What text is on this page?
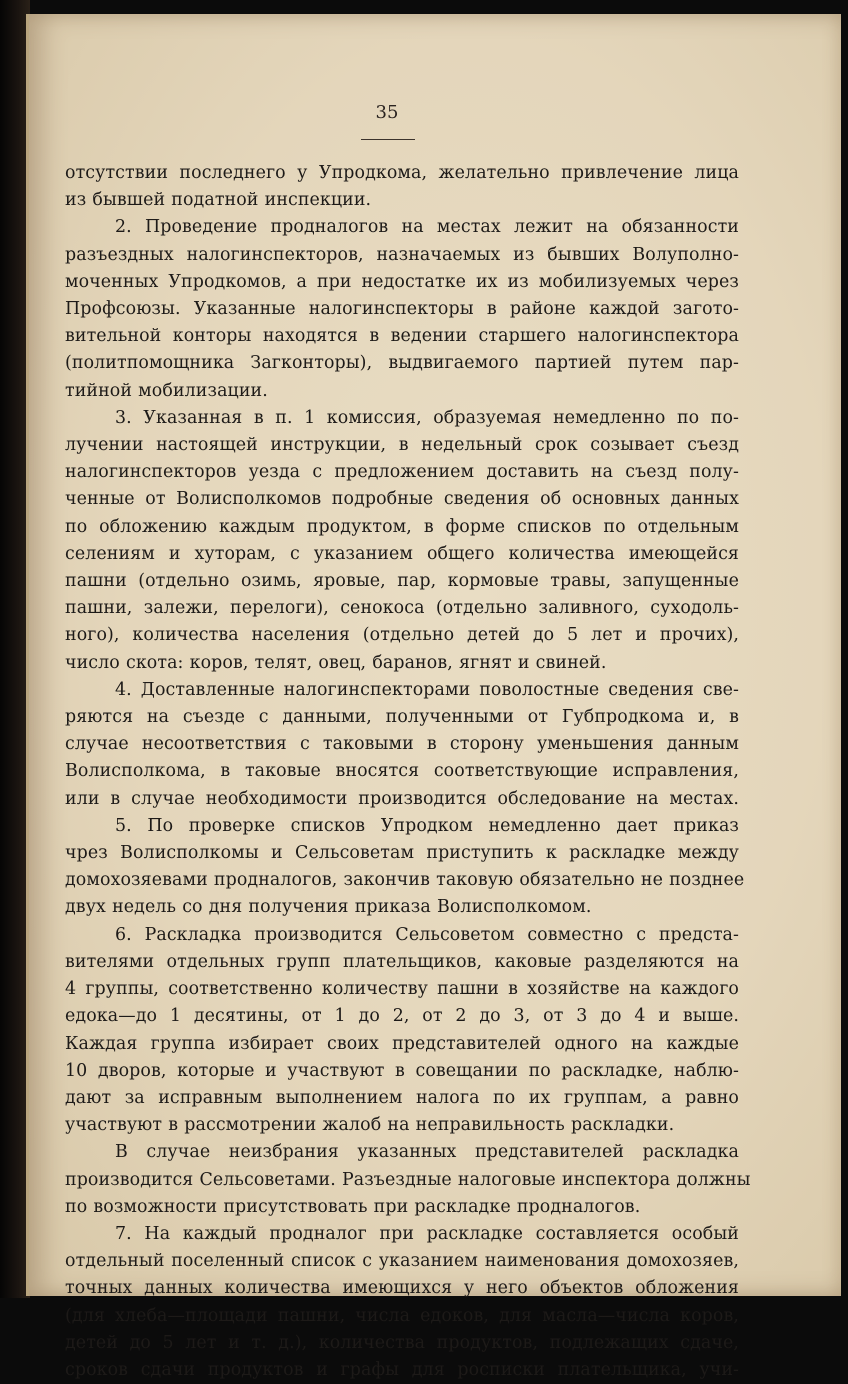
35

отсутствии последнего у Упродкома, желательно привлечение лица
из бывшей податной инспекции.
2. Проведение продналогов на местах лежит на обязанности
разъездных налогинспекторов, назначаемых из бывших Волуполно-
моченных Упродкомов, а при недостатке их из мобилизуемых через
Профсоюзы. Указанные налогинспекторы в районе каждой загото-
вительной конторы находятся в ведении старшего налогинспектора
(политпомощника Загконторы), выдвигаемого партией путем пар-
тийной мобилизации.
3. Указанная в п. 1 комиссия, образуемая немедленно по по-
лучении настоящей инструкции, в недельный срок созывает съезд
налогинспекторов уезда с предложением доставить на съезд полу-
ченные от Волисполкомов подробные сведения об основных данных
по обложению каждым продуктом, в форме списков по отдельным
селениям и хуторам, с указанием общего количества имеющейся
пашни (отдельно озимь, яровые, пар, кормовые травы, запущенные
пашни, залежи, перелоги), сенокоса (отдельно заливного, суходоль-
ного), количества населения (отдельно детей до 5 лет и прочих),
число скота: коров, телят, овец, баранов, ягнят и свиней.
4. Доставленные налогинспекторами поволостные сведения све-
ряются на съезде с данными, полученными от Губпродкома и, в
случае несоответствия с таковыми в сторону уменьшения данным
Волисполкома, в таковые вносятся соответствующие исправления,
или в случае необходимости производится обследование на местах.
5. По проверке списков Упродком немедленно дает приказ
чрез Волисполкомы и Сельсоветам приступить к раскладке между
домохозяевами продналогов, закончив таковую обязательно не позднее
двух недель со дня получения приказа Волисполкомом.
6. Раскладка производится Сельсоветом совместно с предста-
вителями отдельных групп плательщиков, каковые разделяются на
4 группы, соответственно количеству пашни в хозяйстве на каждого
едока—до 1 десятины, от 1 до 2, от 2 до 3, от 3 до 4 и выше.
Каждая группа избирает своих представителей одного на каждые
10 дворов, которые и участвуют в совещании по раскладке, наблю-
дают за исправным выполнением налога по их группам, а равно
участвуют в рассмотрении жалоб на неправильность раскладки.
В случае неизбрания указанных представителей раскладка
производится Сельсоветами. Разъездные налоговые инспектора должны
по возможности присутствовать при раскладке продналогов.
7. На каждый продналог при раскладке составляется особый
отдельный поселенный список с указанием наименования домохозяев,
точных данных количества имеющихся у него объектов обложения
(для хлеба—площади пашни, числа едоков, для масла—числа коров,
детей до 5 лет и т. д.), количества продуктов, подлежащих сдаче,
сроков сдачи продуктов и графы для росписки плательщика, учи-
